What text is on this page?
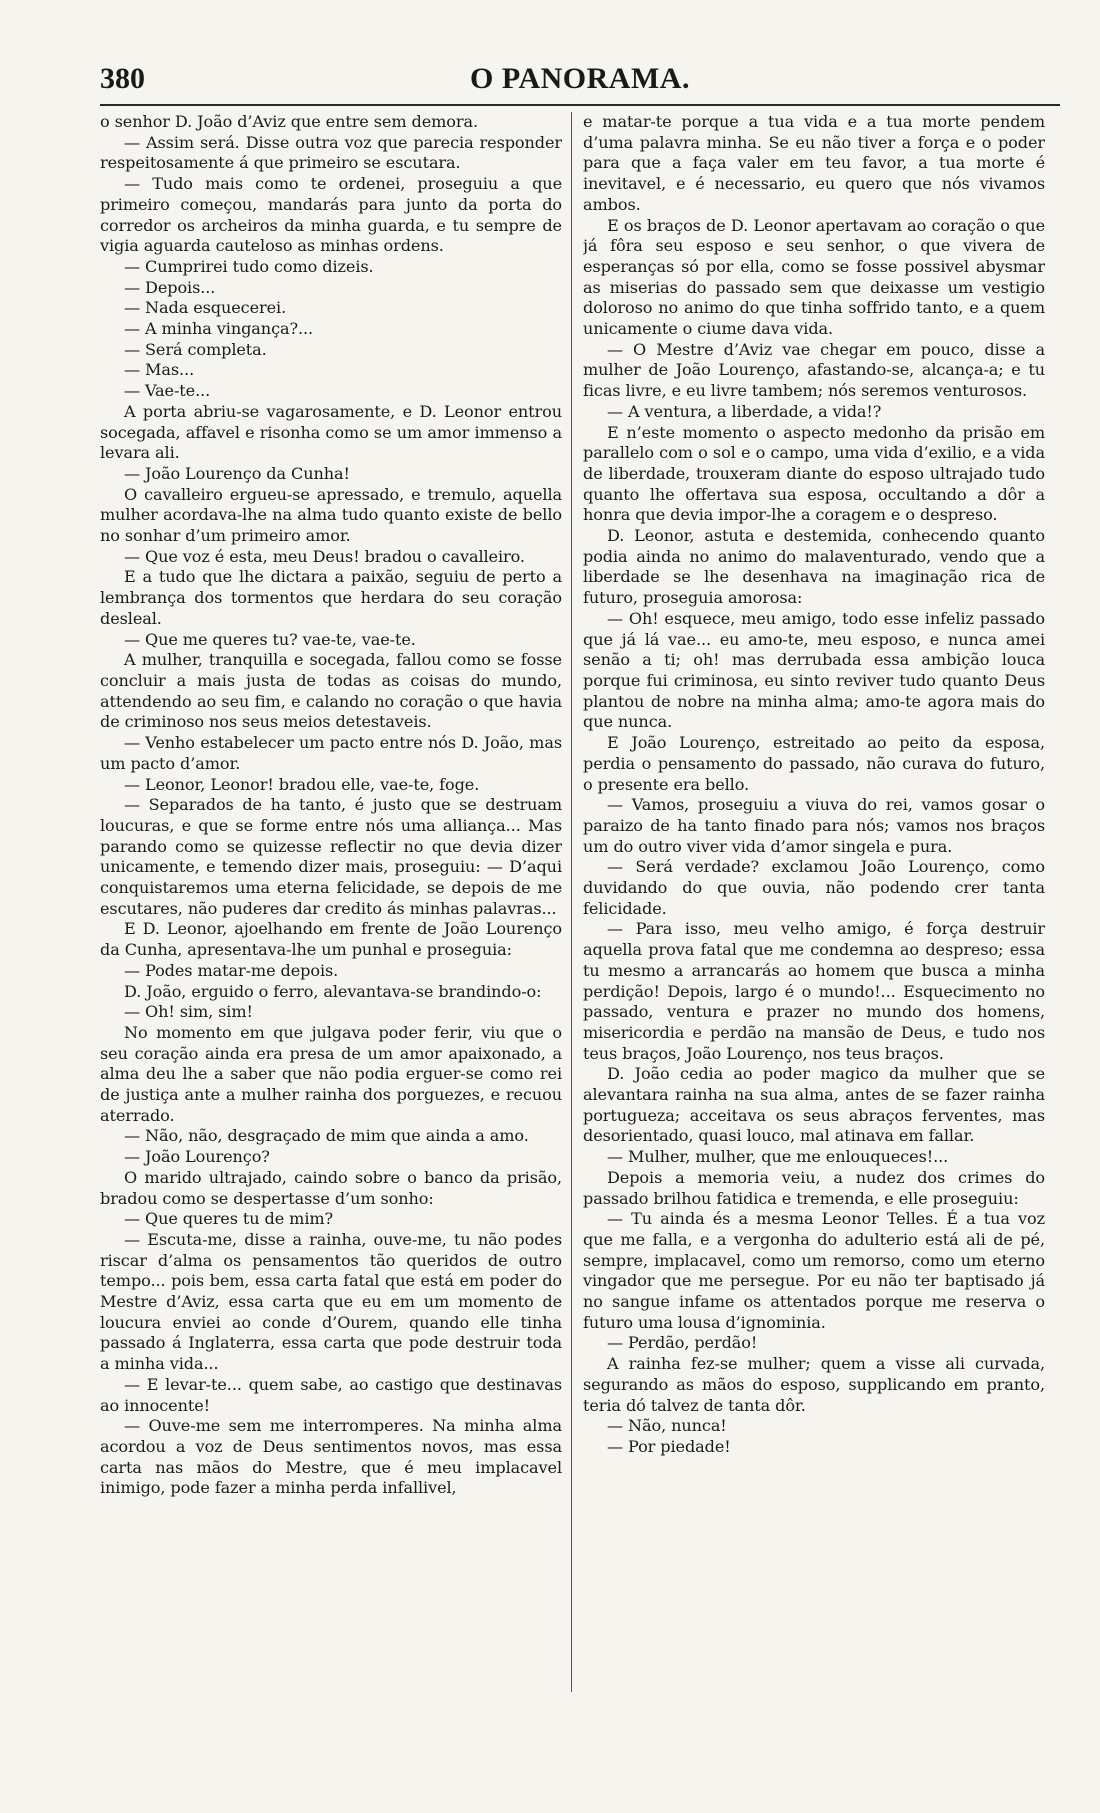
380	O PANORAMA.

o senhor D. João d’Aviz que entre sem demora.

— Assim será. Disse outra voz que parecia responder respeitosamente á que primeiro se escutara.

— Tudo mais como te ordenei, proseguiu a que primeiro começou, mandarás para junto da porta do corredor os archeiros da minha guarda, e tu sempre de vigia aguarda cauteloso as minhas ordens.

— Cumprirei tudo como dizeis.

— Depois...

— Nada esquecerei.

— A minha vingança?...

— Será completa.

— Mas...

— Vae-te...

A porta abriu-se vagarosamente, e D. Leonor entrou socegada, affavel e risonha como se um amor immenso a levara ali.

— João Lourenço da Cunha!

O cavalleiro ergueu-se apressado, e tremulo, aquella mulher acordava-lhe na alma tudo quanto existe de bello no sonhar d’um primeiro amor.

— Que voz é esta, meu Deus! bradou o cavalleiro.

E a tudo que lhe dictara a paixão, seguiu de perto a lembrança dos tormentos que herdara do seu coração desleal.

— Que me queres tu? vae-te, vae-te.

A mulher, tranquilla e socegada, fallou como se fosse concluir a mais justa de todas as coisas do mundo, attendendo ao seu fim, e calando no coração o que havia de criminoso nos seus meios detestaveis.

— Venho estabelecer um pacto entre nós D. João, mas um pacto d’amor.

— Leonor, Leonor! bradou elle, vae-te, foge.

— Separados de ha tanto, é justo que se destruam loucuras, e que se forme entre nós uma alliança... Mas parando como se quizesse reflectir no que devia dizer unicamente, e temendo dizer mais, proseguiu: — D’aqui conquistaremos uma eterna felicidade, se depois de me escutares, não puderes dar credito ás minhas palavras...

E D. Leonor, ajoelhando em frente de João Lourenço da Cunha, apresentava-lhe um punhal e proseguia:

— Podes matar-me depois.

D. João, erguido o ferro, alevantava-se brandindo-o:

— Oh! sim, sim!

No momento em que julgava poder ferir, viu que o seu coração ainda era presa de um amor apaixonado, a alma deu lhe a saber que não podia erguer-se como rei de justiça ante a mulher rainha dos porguezes, e recuou aterrado.

— Não, não, desgraçado de mim que ainda a amo.

— João Lourenço?

O marido ultrajado, caindo sobre o banco da prisão, bradou como se despertasse d’um sonho:

— Que queres tu de mim?

— Escuta-me, disse a rainha, ouve-me, tu não podes riscar d’alma os pensamentos tão queridos de outro tempo... pois bem, essa carta fatal que está em poder do Mestre d’Aviz, essa carta que eu em um momento de loucura enviei ao conde d’Ourem, quando elle tinha passado á Inglaterra, essa carta que pode destruir toda a minha vida...

— E levar-te... quem sabe, ao castigo que destinavas ao innocente!

— Ouve-me sem me interromperes. Na minha alma acordou a voz de Deus sentimentos novos, mas essa carta nas mãos do Mestre, que é meu implacavel inimigo, pode fazer a minha perda infallivel,

e matar-te porque a tua vida e a tua morte pendem d’uma palavra minha. Se eu não tiver a força e o poder para que a faça valer em teu favor, a tua morte é inevitavel, e é necessario, eu quero que nós vivamos ambos.

E os braços de D. Leonor apertavam ao coração o que já fôra seu esposo e seu senhor, o que vivera de esperanças só por ella, como se fosse possivel abysmar as miserias do passado sem que deixasse um vestigio doloroso no animo do que tinha soffrido tanto, e a quem unicamente o ciume dava vida.

— O Mestre d’Aviz vae chegar em pouco, disse a mulher de João Lourenço, afastando-se, alcança-a; e tu ficas livre, e eu livre tambem; nós seremos venturosos.

— A ventura, a liberdade, a vida!?

E n’este momento o aspecto medonho da prisão em parallelo com o sol e o campo, uma vida d’exilio, e a vida de liberdade, trouxeram diante do esposo ultrajado tudo quanto lhe offertava sua esposa, occultando a dôr a honra que devia impor-lhe a coragem e o despreso.

D. Leonor, astuta e destemida, conhecendo quanto podia ainda no animo do malaventurado, vendo que a liberdade se lhe desenhava na imaginação rica de futuro, proseguia amorosa:

— Oh! esquece, meu amigo, todo esse infeliz passado que já lá vae... eu amo-te, meu esposo, e nunca amei senão a ti; oh! mas derrubada essa ambição louca porque fui criminosa, eu sinto reviver tudo quanto Deus plantou de nobre na minha alma; amo-te agora mais do que nunca.

E João Lourenço, estreitado ao peito da esposa, perdia o pensamento do passado, não curava do futuro, o presente era bello.

— Vamos, proseguiu a viuva do rei, vamos gosar o paraizo de ha tanto finado para nós; vamos nos braços um do outro viver vida d’amor singela e pura.

— Será verdade? exclamou João Lourenço, como duvidando do que ouvia, não podendo crer tanta felicidade.

— Para isso, meu velho amigo, é força destruir aquella prova fatal que me condemna ao despreso; essa tu mesmo a arrancarás ao homem que busca a minha perdição! Depois, largo é o mundo!... Esquecimento no passado, ventura e prazer no mundo dos homens, misericordia e perdão na mansão de Deus, e tudo nos teus braços, João Lourenço, nos teus braços.

D. João cedia ao poder magico da mulher que se alevantara rainha na sua alma, antes de se fazer rainha portugueza; acceitava os seus abraços ferventes, mas desorientado, quasi louco, mal atinava em fallar.

— Mulher, mulher, que me enlouqueces!...

Depois a memoria veiu, a nudez dos crimes do passado brilhou fatidica e tremenda, e elle proseguiu:

— Tu ainda és a mesma Leonor Telles. É a tua voz que me falla, e a vergonha do adulterio está ali de pé, sempre, implacavel, como um remorso, como um eterno vingador que me persegue. Por eu não ter baptisado já no sangue infame os attentados porque me reserva o futuro uma lousa d’ignominia.

— Perdão, perdão!

A rainha fez-se mulher; quem a visse ali curvada, segurando as mãos do esposo, supplicando em pranto, teria dó talvez de tanta dôr.

— Não, nunca!

— Por piedade!
